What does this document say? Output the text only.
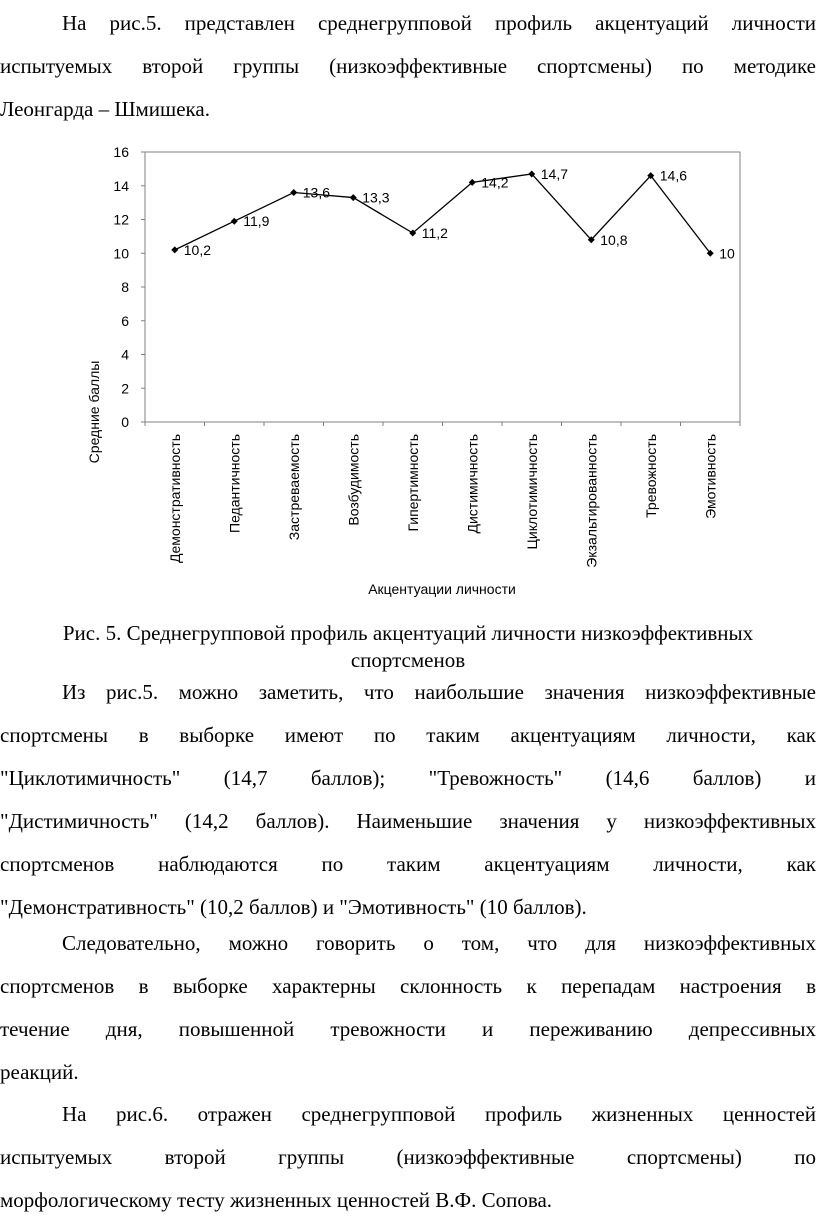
На рис.5. представлен среднегрупповой профиль акцентуаций личности
испытуемых второй группы (низкоэффективные спортсмены) по методике
Леонгарда – Шмишека.
0
2
4
6
8
10
12
14
16
Демонстративность	Педантичность	Застреваемость	Возбудимость	Гипертимность	Дистимичность	Циклотимичность	Экзальтированность	Тревожность	Эмотивность
10,2
11,9
13,6 13,3
11,2
14,2
14,7
10,8
14,6
10
Средние баллы
Акцентуации личности
Рис. 5. Среднегрупповой профиль акцентуаций личности низкоэффективных
спортсменов
Из рис.5. можно заметить, что наибольшие значения низкоэффективные
спортсмены в выборке имеют по таким акцентуациям личности, как
"Циклотимичность" (14,7 баллов); "Тревожность" (14,6 баллов) и
"Дистимичность" (14,2 баллов). Наименьшие значения у низкоэффективных
спортсменов наблюдаются по таким акцентуациям личности, как
"Демонстративность" (10,2 баллов) и "Эмотивность" (10 баллов).
Следовательно, можно говорить о том, что для низкоэффективных
спортсменов в выборке характерны склонность к перепадам настроения в
течение дня, повышенной тревожности и переживанию депрессивных
реакций.
На рис.6. отражен среднегрупповой профиль жизненных ценностей
испытуемых второй группы (низкоэффективные спортсмены) по
морфологическому тесту жизненных ценностей В.Ф. Сопова.
